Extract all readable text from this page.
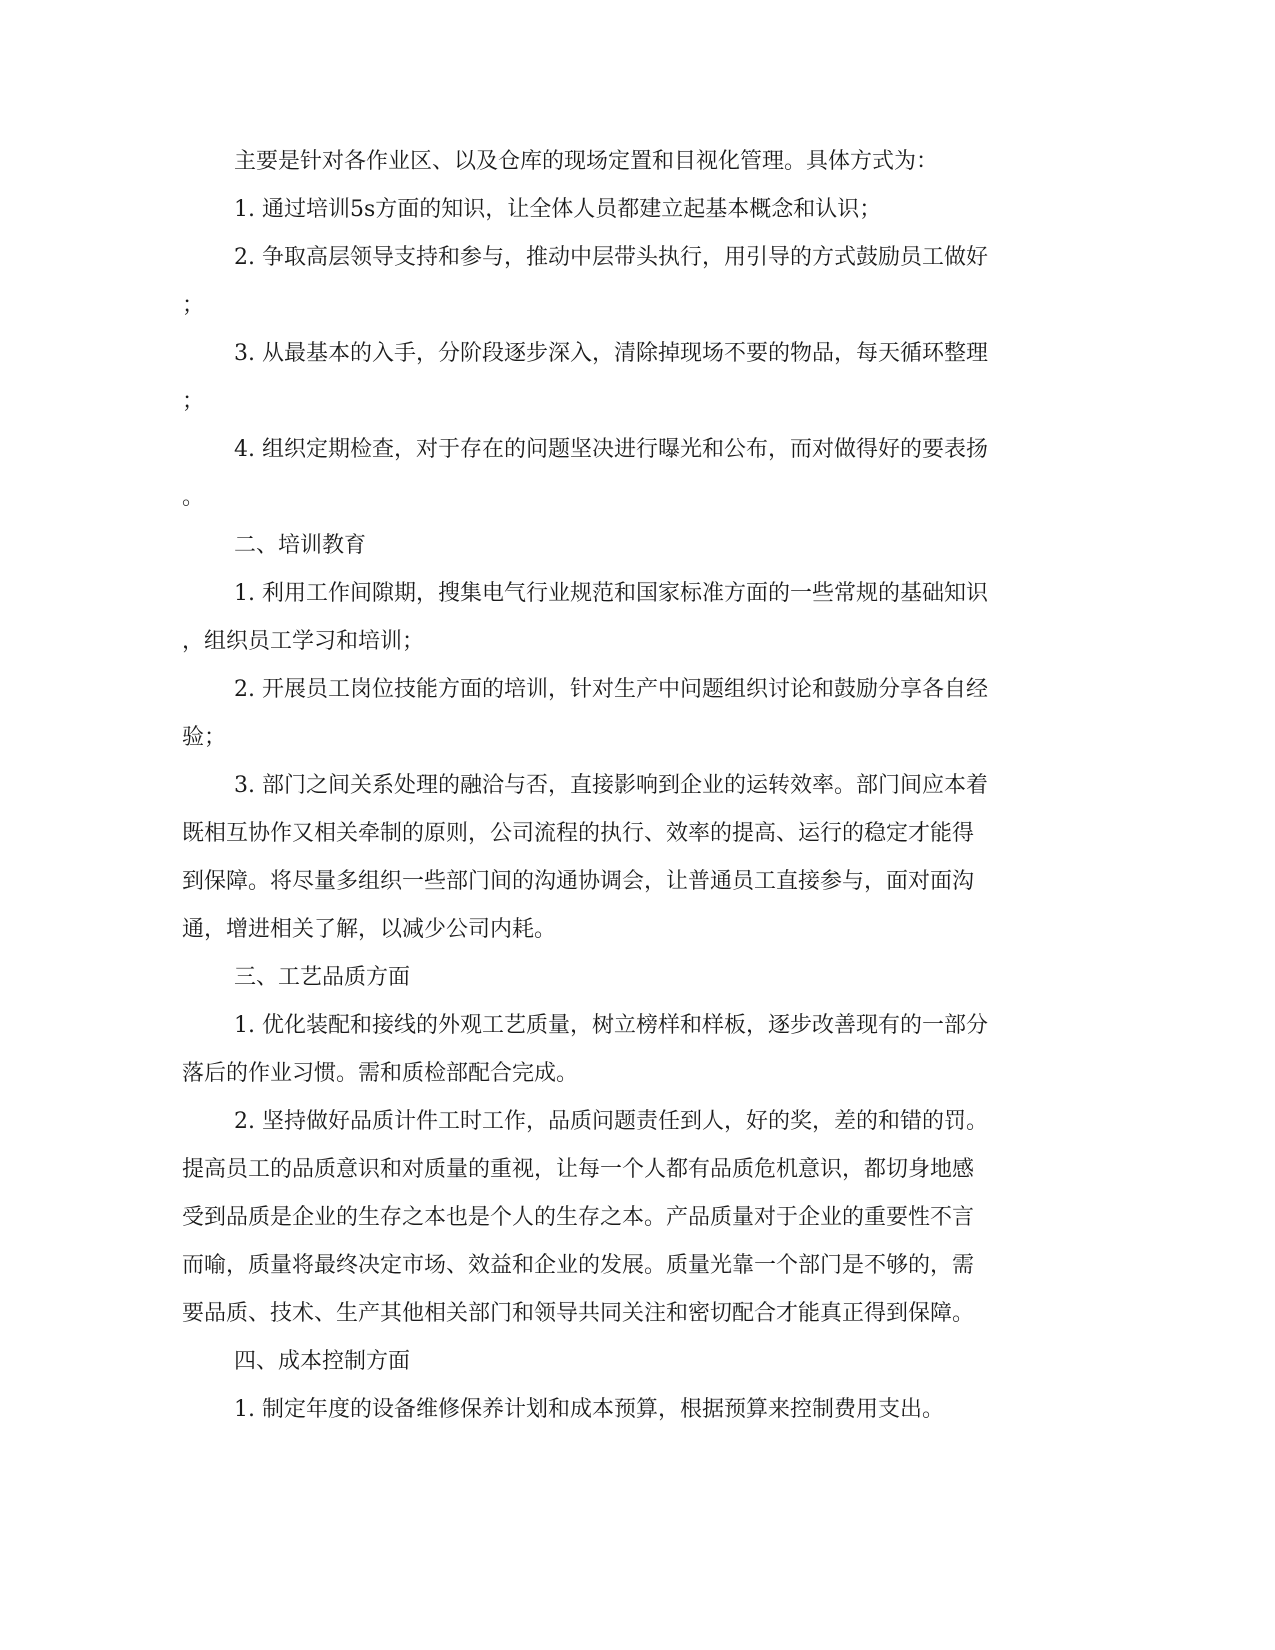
主要是针对各作业区、以及仓库的现场定置和目视化管理。具体方式为：
1. 通过培训5s方面的知识，让全体人员都建立起基本概念和认识；
2. 争取高层领导支持和参与，推动中层带头执行，用引导的方式鼓励员工做好
；
3. 从最基本的入手，分阶段逐步深入，清除掉现场不要的物品，每天循环整理
；
4. 组织定期检查，对于存在的问题坚决进行曝光和公布，而对做得好的要表扬
。
二、培训教育
1. 利用工作间隙期，搜集电气行业规范和国家标准方面的一些常规的基础知识
，组织员工学习和培训；
2. 开展员工岗位技能方面的培训，针对生产中问题组织讨论和鼓励分享各自经
验；
3. 部门之间关系处理的融洽与否，直接影响到企业的运转效率。部门间应本着
既相互协作又相关牵制的原则，公司流程的执行、效率的提高、运行的稳定才能得
到保障。将尽量多组织一些部门间的沟通协调会，让普通员工直接参与，面对面沟
通，增进相关了解，以减少公司内耗。
三、工艺品质方面
1. 优化装配和接线的外观工艺质量，树立榜样和样板，逐步改善现有的一部分
落后的作业习惯。需和质检部配合完成。
2. 坚持做好品质计件工时工作，品质问题责任到人，好的奖，差的和错的罚。
提高员工的品质意识和对质量的重视，让每一个人都有品质危机意识，都切身地感
受到品质是企业的生存之本也是个人的生存之本。产品质量对于企业的重要性不言
而喻，质量将最终决定市场、效益和企业的发展。质量光靠一个部门是不够的，需
要品质、技术、生产其他相关部门和领导共同关注和密切配合才能真正得到保障。
四、成本控制方面
1. 制定年度的设备维修保养计划和成本预算，根据预算来控制费用支出。
